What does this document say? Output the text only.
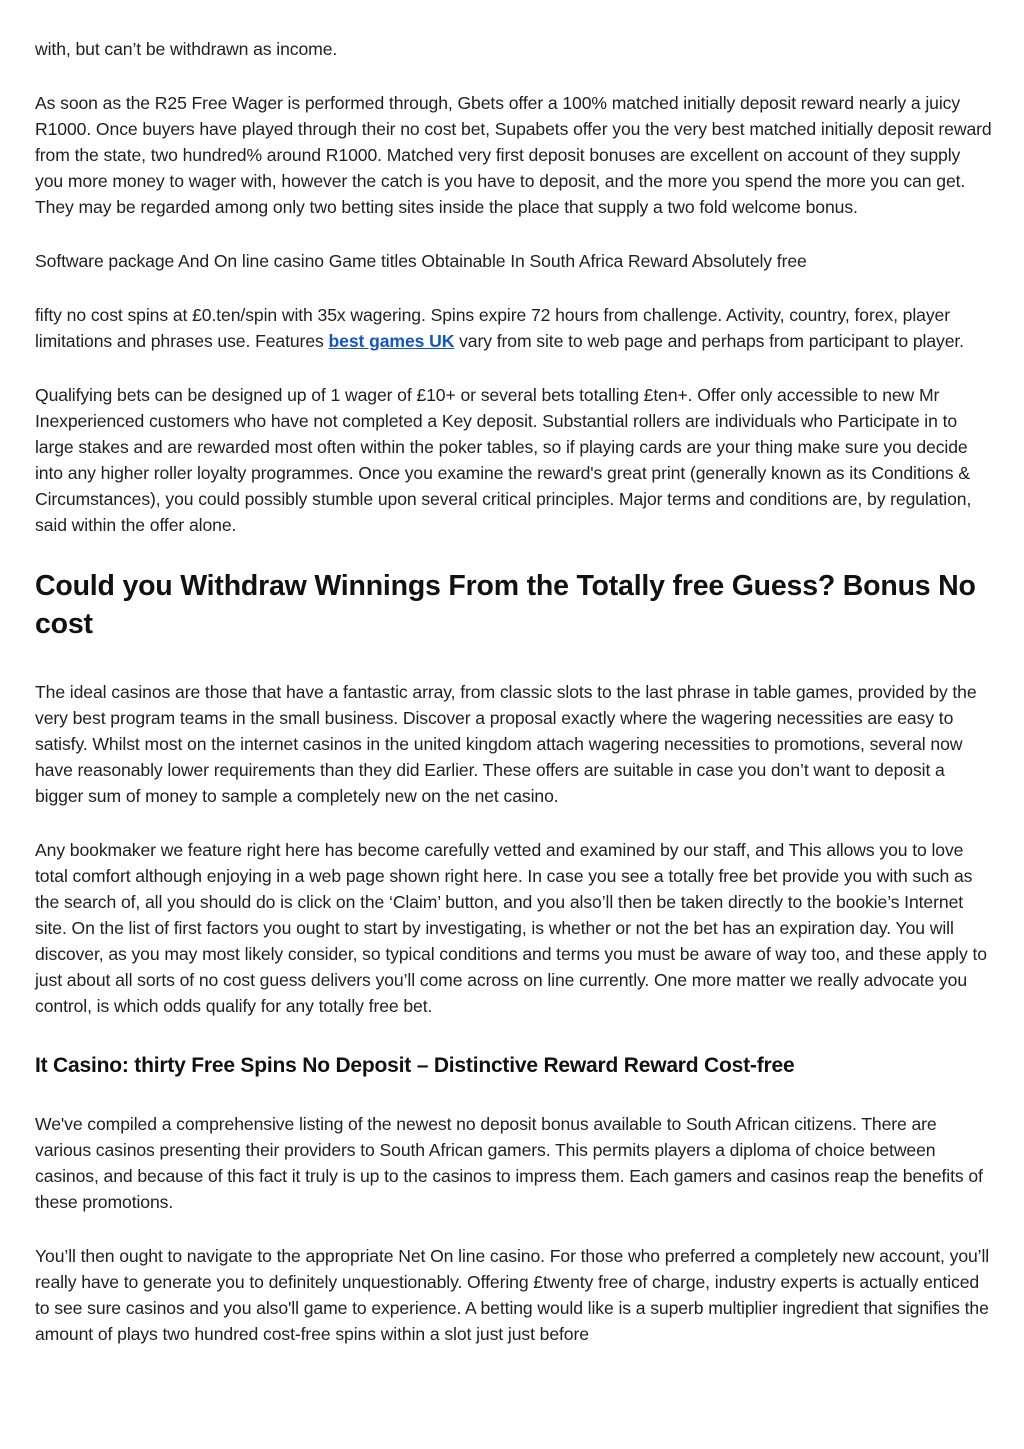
with, but can’t be withdrawn as income.

As soon as the R25 Free Wager is performed through, Gbets offer a 100% matched initially deposit reward nearly a juicy R1000. Once buyers have played through their no cost bet, Supabets offer you the very best matched initially deposit reward from the state, two hundred% around R1000. Matched very first deposit bonuses are excellent on account of they supply you more money to wager with, however the catch is you have to deposit, and the more you spend the more you can get. They may be regarded among only two betting sites inside the place that supply a two fold welcome bonus.

Software package And On line casino Game titles Obtainable In South Africa Reward Absolutely free

fifty no cost spins at £0.ten/spin with 35x wagering. Spins expire 72 hours from challenge. Activity, country, forex, player limitations and phrases use. Features best games UK vary from site to web page and perhaps from participant to player.

Qualifying bets can be designed up of 1 wager of £10+ or several bets totalling £ten+. Offer only accessible to new Mr Inexperienced customers who have not completed a Key deposit. Substantial rollers are individuals who Participate in to large stakes and are rewarded most often within the poker tables, so if playing cards are your thing make sure you decide into any higher roller loyalty programmes. Once you examine the reward's great print (generally known as its Conditions & Circumstances), you could possibly stumble upon several critical principles. Major terms and conditions are, by regulation, said within the offer alone.

Could you Withdraw Winnings From the Totally free Guess? Bonus No cost

The ideal casinos are those that have a fantastic array, from classic slots to the last phrase in table games, provided by the very best program teams in the small business. Discover a proposal exactly where the wagering necessities are easy to satisfy. Whilst most on the internet casinos in the united kingdom attach wagering necessities to promotions, several now have reasonably lower requirements than they did Earlier. These offers are suitable in case you don’t want to deposit a bigger sum of money to sample a completely new on the net casino.

Any bookmaker we feature right here has become carefully vetted and examined by our staff, and This allows you to love total comfort although enjoying in a web page shown right here. In case you see a totally free bet provide you with such as the search of, all you should do is click on the ‘Claim’ button, and you also’ll then be taken directly to the bookie’s Internet site. On the list of first factors you ought to start by investigating, is whether or not the bet has an expiration day. You will discover, as you may most likely consider, so typical conditions and terms you must be aware of way too, and these apply to just about all sorts of no cost guess delivers you’ll come across on line currently. One more matter we really advocate you control, is which odds qualify for any totally free bet.

It Casino: thirty Free Spins No Deposit – Distinctive Reward Reward Cost-free

We've compiled a comprehensive listing of the newest no deposit bonus available to South African citizens. There are various casinos presenting their providers to South African gamers. This permits players a diploma of choice between casinos, and because of this fact it truly is up to the casinos to impress them. Each gamers and casinos reap the benefits of these promotions.

You’ll then ought to navigate to the appropriate Net On line casino. For those who preferred a completely new account, you’ll really have to generate you to definitely unquestionably. Offering £twenty free of charge, industry experts is actually enticed to see sure casinos and you also'll game to experience. A betting would like is a superb multiplier ingredient that signifies the amount of plays two hundred cost-free spins within a slot just just before
